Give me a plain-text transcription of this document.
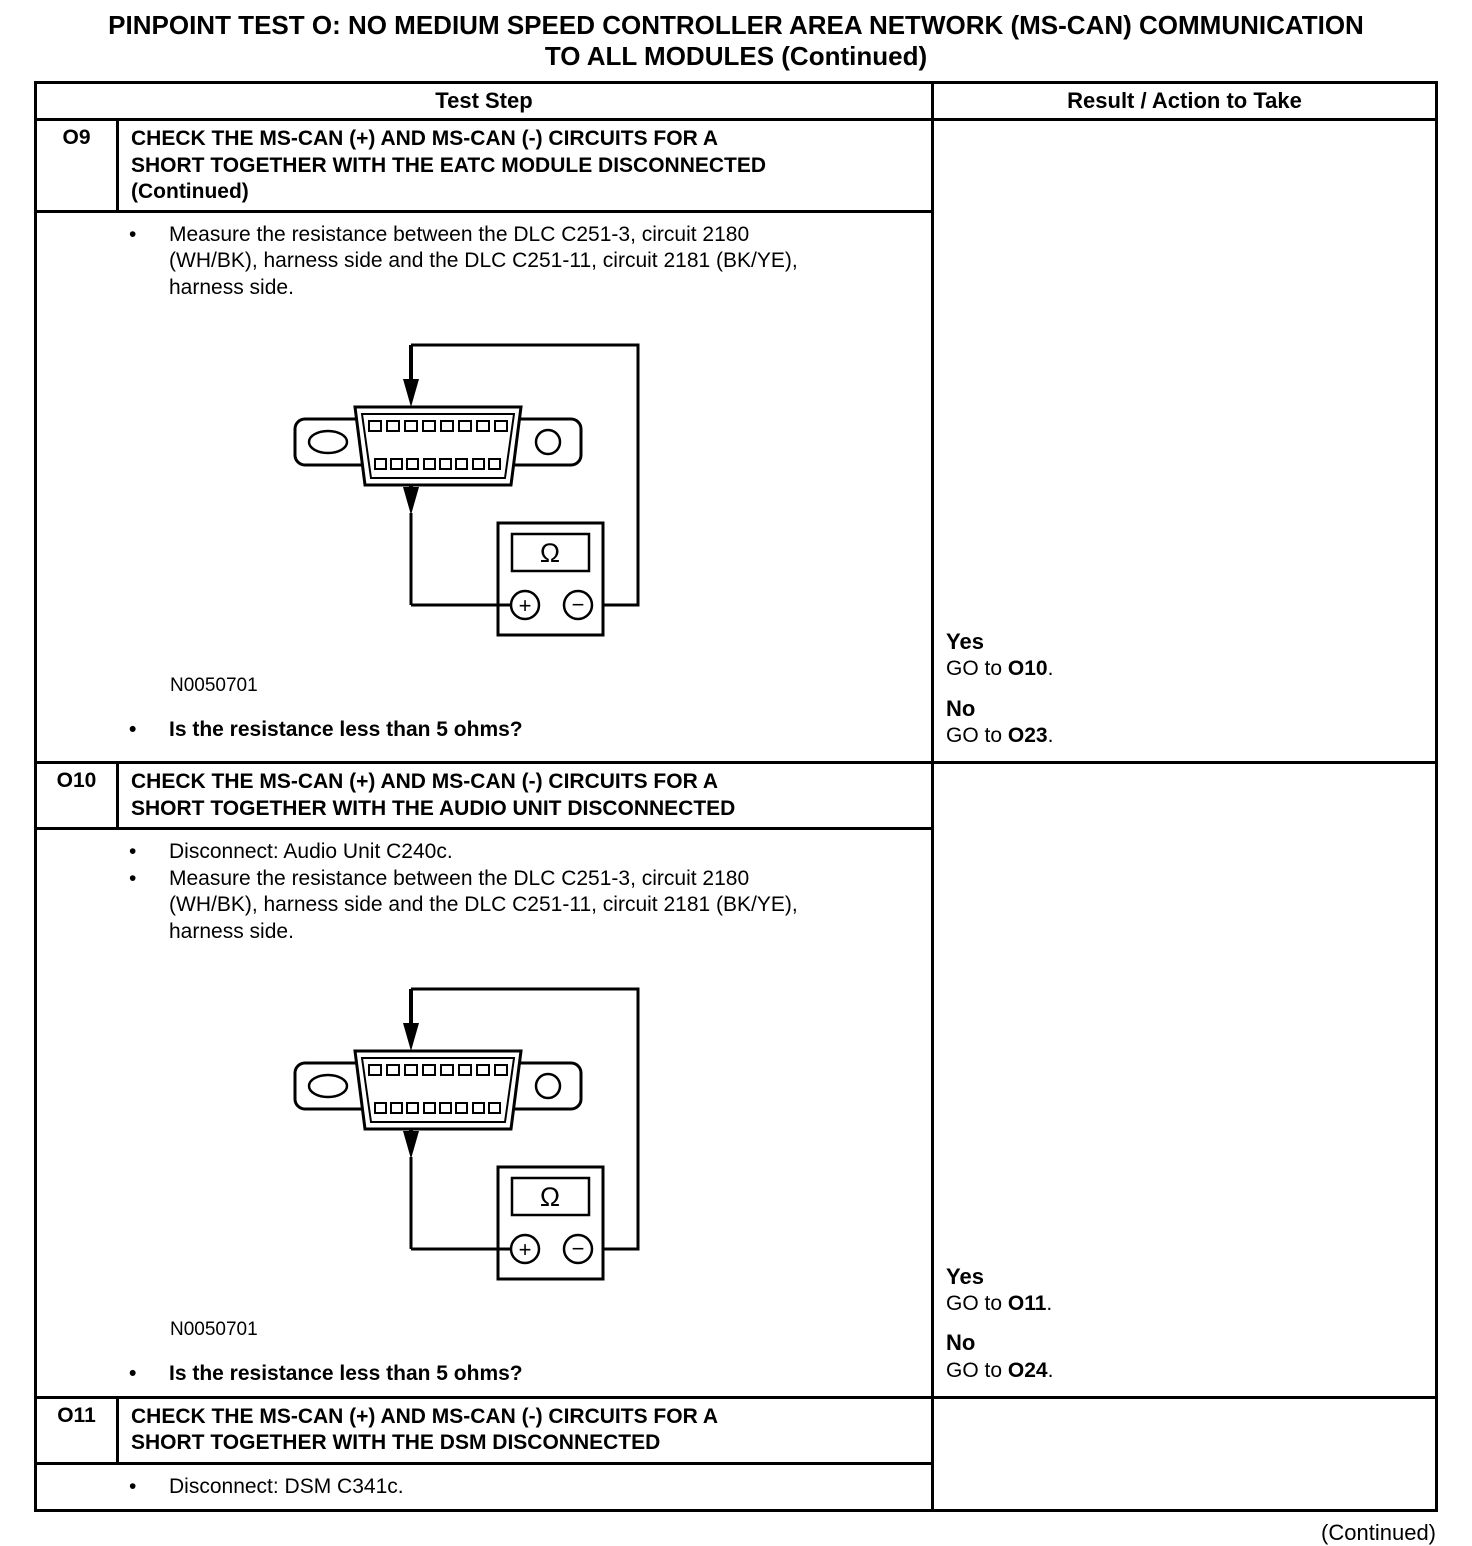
PINPOINT TEST O: NO MEDIUM SPEED CONTROLLER AREA NETWORK (MS-CAN) COMMUNICATION
TO ALL MODULES (Continued)
Test Step	Result / Action to Take
O9	CHECK THE MS-CAN (+) AND MS-CAN (-) CIRCUITS FOR A SHORT TOGETHER WITH THE EATC MODULE DISCONNECTED (Continued)
•	Measure the resistance between the DLC C251-3, circuit 2180 (WH/BK), harness side and the DLC C251-11, circuit 2181 (BK/YE), harness side.
Ω
+ −
N0050701
•	Is the resistance less than 5 ohms?
Yes
GO to O10.
No
GO to O23.
O10	CHECK THE MS-CAN (+) AND MS-CAN (-) CIRCUITS FOR A SHORT TOGETHER WITH THE AUDIO UNIT DISCONNECTED
•	Disconnect: Audio Unit C240c.
•	Measure the resistance between the DLC C251-3, circuit 2180 (WH/BK), harness side and the DLC C251-11, circuit 2181 (BK/YE), harness side.
Ω
+ −
N0050701
•	Is the resistance less than 5 ohms?
Yes
GO to O11.
No
GO to O24.
O11	CHECK THE MS-CAN (+) AND MS-CAN (-) CIRCUITS FOR A SHORT TOGETHER WITH THE DSM DISCONNECTED
•	Disconnect: DSM C341c.
(Continued)
